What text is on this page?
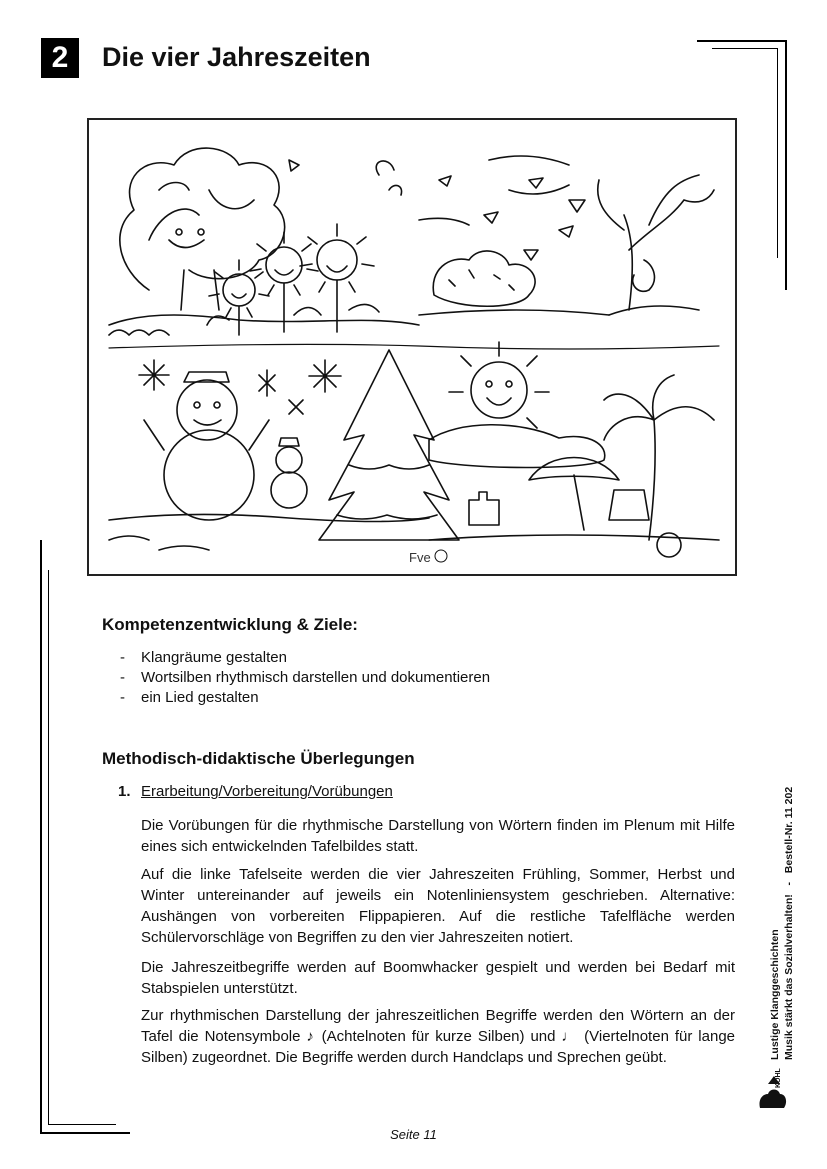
2	Die vier Jahreszeiten
Fve
Kompetenzentwicklung & Ziele:
-	Klangräume gestalten
-	Wortsilben rhythmisch darstellen und dokumentieren
-	ein Lied gestalten
Methodisch-didaktische Überlegungen
1. Erarbeitung/Vorbereitung/Vorübungen

Die Vorübungen für die rhythmische Darstellung von Wörtern finden im Plenum mit Hilfe eines sich entwickelnden Tafelbildes statt.

Auf die linke Tafelseite werden die vier Jahreszeiten Frühling, Sommer, Herbst und Winter untereinander auf jeweils ein Notenliniensystem geschrieben. Alternative: Aushängen von vorbereiten Flippapieren. Auf die restliche Tafelfläche werden Schülervorschläge von Begriffen zu den vier Jahreszeiten notiert.

Die Jahreszeitbegriffe werden auf Boomwhacker gespielt und werden bei Bedarf mit Stabspielen unterstützt.

Zur rhythmischen Darstellung der jahreszeitlichen Begriffe werden den Wörtern an der Tafel die Notensymbole ♪ (Achtelnoten für kurze Silben) und ♩ (Viertelnoten für lange Silben) zugeordnet. Die Begriffe werden durch Handclaps und Sprechen geübt.

Seite 11
Lustige Klanggeschichten Musik stärkt das Sozialverhalten!   -   Bestell-Nr. 11 202
KOHL
